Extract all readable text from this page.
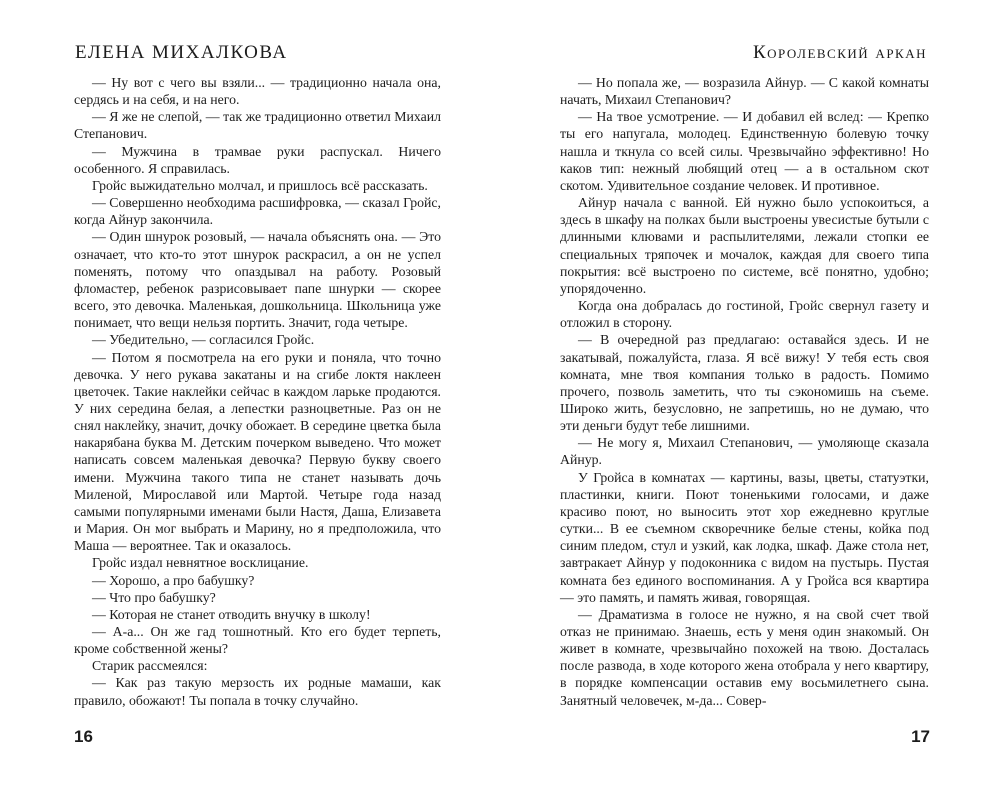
ЕЛЕНА МИХАЛКОВА

— Ну вот с чего вы взяли... — традиционно начала она, сердясь и на себя, и на него.

— Я же не слепой, — так же традиционно ответил Михаил Степанович.

— Мужчина в трамвае руки распускал. Ничего особенного. Я справилась.

Гройс выжидательно молчал, и пришлось всё рассказать.

— Совершенно необходима расшифровка, — сказал Гройс, когда Айнур закончила.

— Один шнурок розовый, — начала объяснять она. — Это означает, что кто-то этот шнурок раскрасил, а он не успел поменять, потому что опаздывал на работу. Розовый фломастер, ребенок разрисовывает папе шнурки — скорее всего, это девочка. Маленькая, дошкольница. Школьница уже понимает, что вещи нельзя портить. Значит, года четыре.

— Убедительно, — согласился Гройс.

— Потом я посмотрела на его руки и поняла, что точно девочка. У него рукава закатаны и на сгибе локтя наклеен цветочек. Такие наклейки сейчас в каждом ларьке продаются. У них середина белая, а лепестки разноцветные. Раз он не снял наклейку, значит, дочку обожает. В середине цветка была накарябана буква М. Детским почерком выведено. Что может написать совсем маленькая девочка? Первую букву своего имени. Мужчина такого типа не станет называть дочь Миленой, Мирославой или Мартой. Четыре года назад самыми популярными именами были Настя, Даша, Елизавета и Мария. Он мог выбрать и Марину, но я предположила, что Маша — вероятнее. Так и оказалось.

Гройс издал невнятное восклицание.

— Хорошо, а про бабушку?

— Что про бабушку?

— Которая не станет отводить внучку в школу!

— А-а... Он же гад тошнотный. Кто его будет терпеть, кроме собственной жены?

Старик рассмеялся:

— Как раз такую мерзость их родные мамаши, как правило, обожают! Ты попала в точку случайно.

16
Королевский аркан

— Но попала же, — возразила Айнур. — С какой комнаты начать, Михаил Степанович?

— На твое усмотрение. — И добавил ей вслед: — Крепко ты его напугала, молодец. Единственную болевую точку нашла и ткнула со всей силы. Чрезвычайно эффективно! Но каков тип: нежный любящий отец — а в остальном скот скотом. Удивительное создание человек. И противное.

Айнур начала с ванной. Ей нужно было успокоиться, а здесь в шкафу на полках были выстроены увесистые бутыли с длинными клювами и распылителями, лежали стопки ее специальных тряпочек и мочалок, каждая для своего типа покрытия: всё выстроено по системе, всё понятно, удобно; упорядоченно.

Когда она добралась до гостиной, Гройс свернул газету и отложил в сторону.

— В очередной раз предлагаю: оставайся здесь. И не закатывай, пожалуйста, глаза. Я всё вижу! У тебя есть своя комната, мне твоя компания только в радость. Помимо прочего, позволь заметить, что ты сэкономишь на съеме. Широко жить, безусловно, не запретишь, но не думаю, что эти деньги будут тебе лишними.

— Не могу я, Михаил Степанович, — умоляюще сказала Айнур.

У Гройса в комнатах — картины, вазы, цветы, статуэтки, пластинки, книги. Поют тоненькими голосами, и даже красиво поют, но выносить этот хор ежедневно круглые сутки... В ее съемном скворечнике белые стены, койка под синим пледом, стул и узкий, как лодка, шкаф. Даже стола нет, завтракает Айнур у подоконника с видом на пустырь. Пустая комната без единого воспоминания. А у Гройса вся квартира — это память, и память живая, говорящая.

— Драматизма в голосе не нужно, я на свой счет твой отказ не принимаю. Знаешь, есть у меня один знакомый. Он живет в комнате, чрезвычайно похожей на твою. Досталась после развода, в ходе которого жена отобрала у него квартиру, в порядке компенсации оставив ему восьмилетнего сына. Занятный человечек, м-да... Совер-

17
